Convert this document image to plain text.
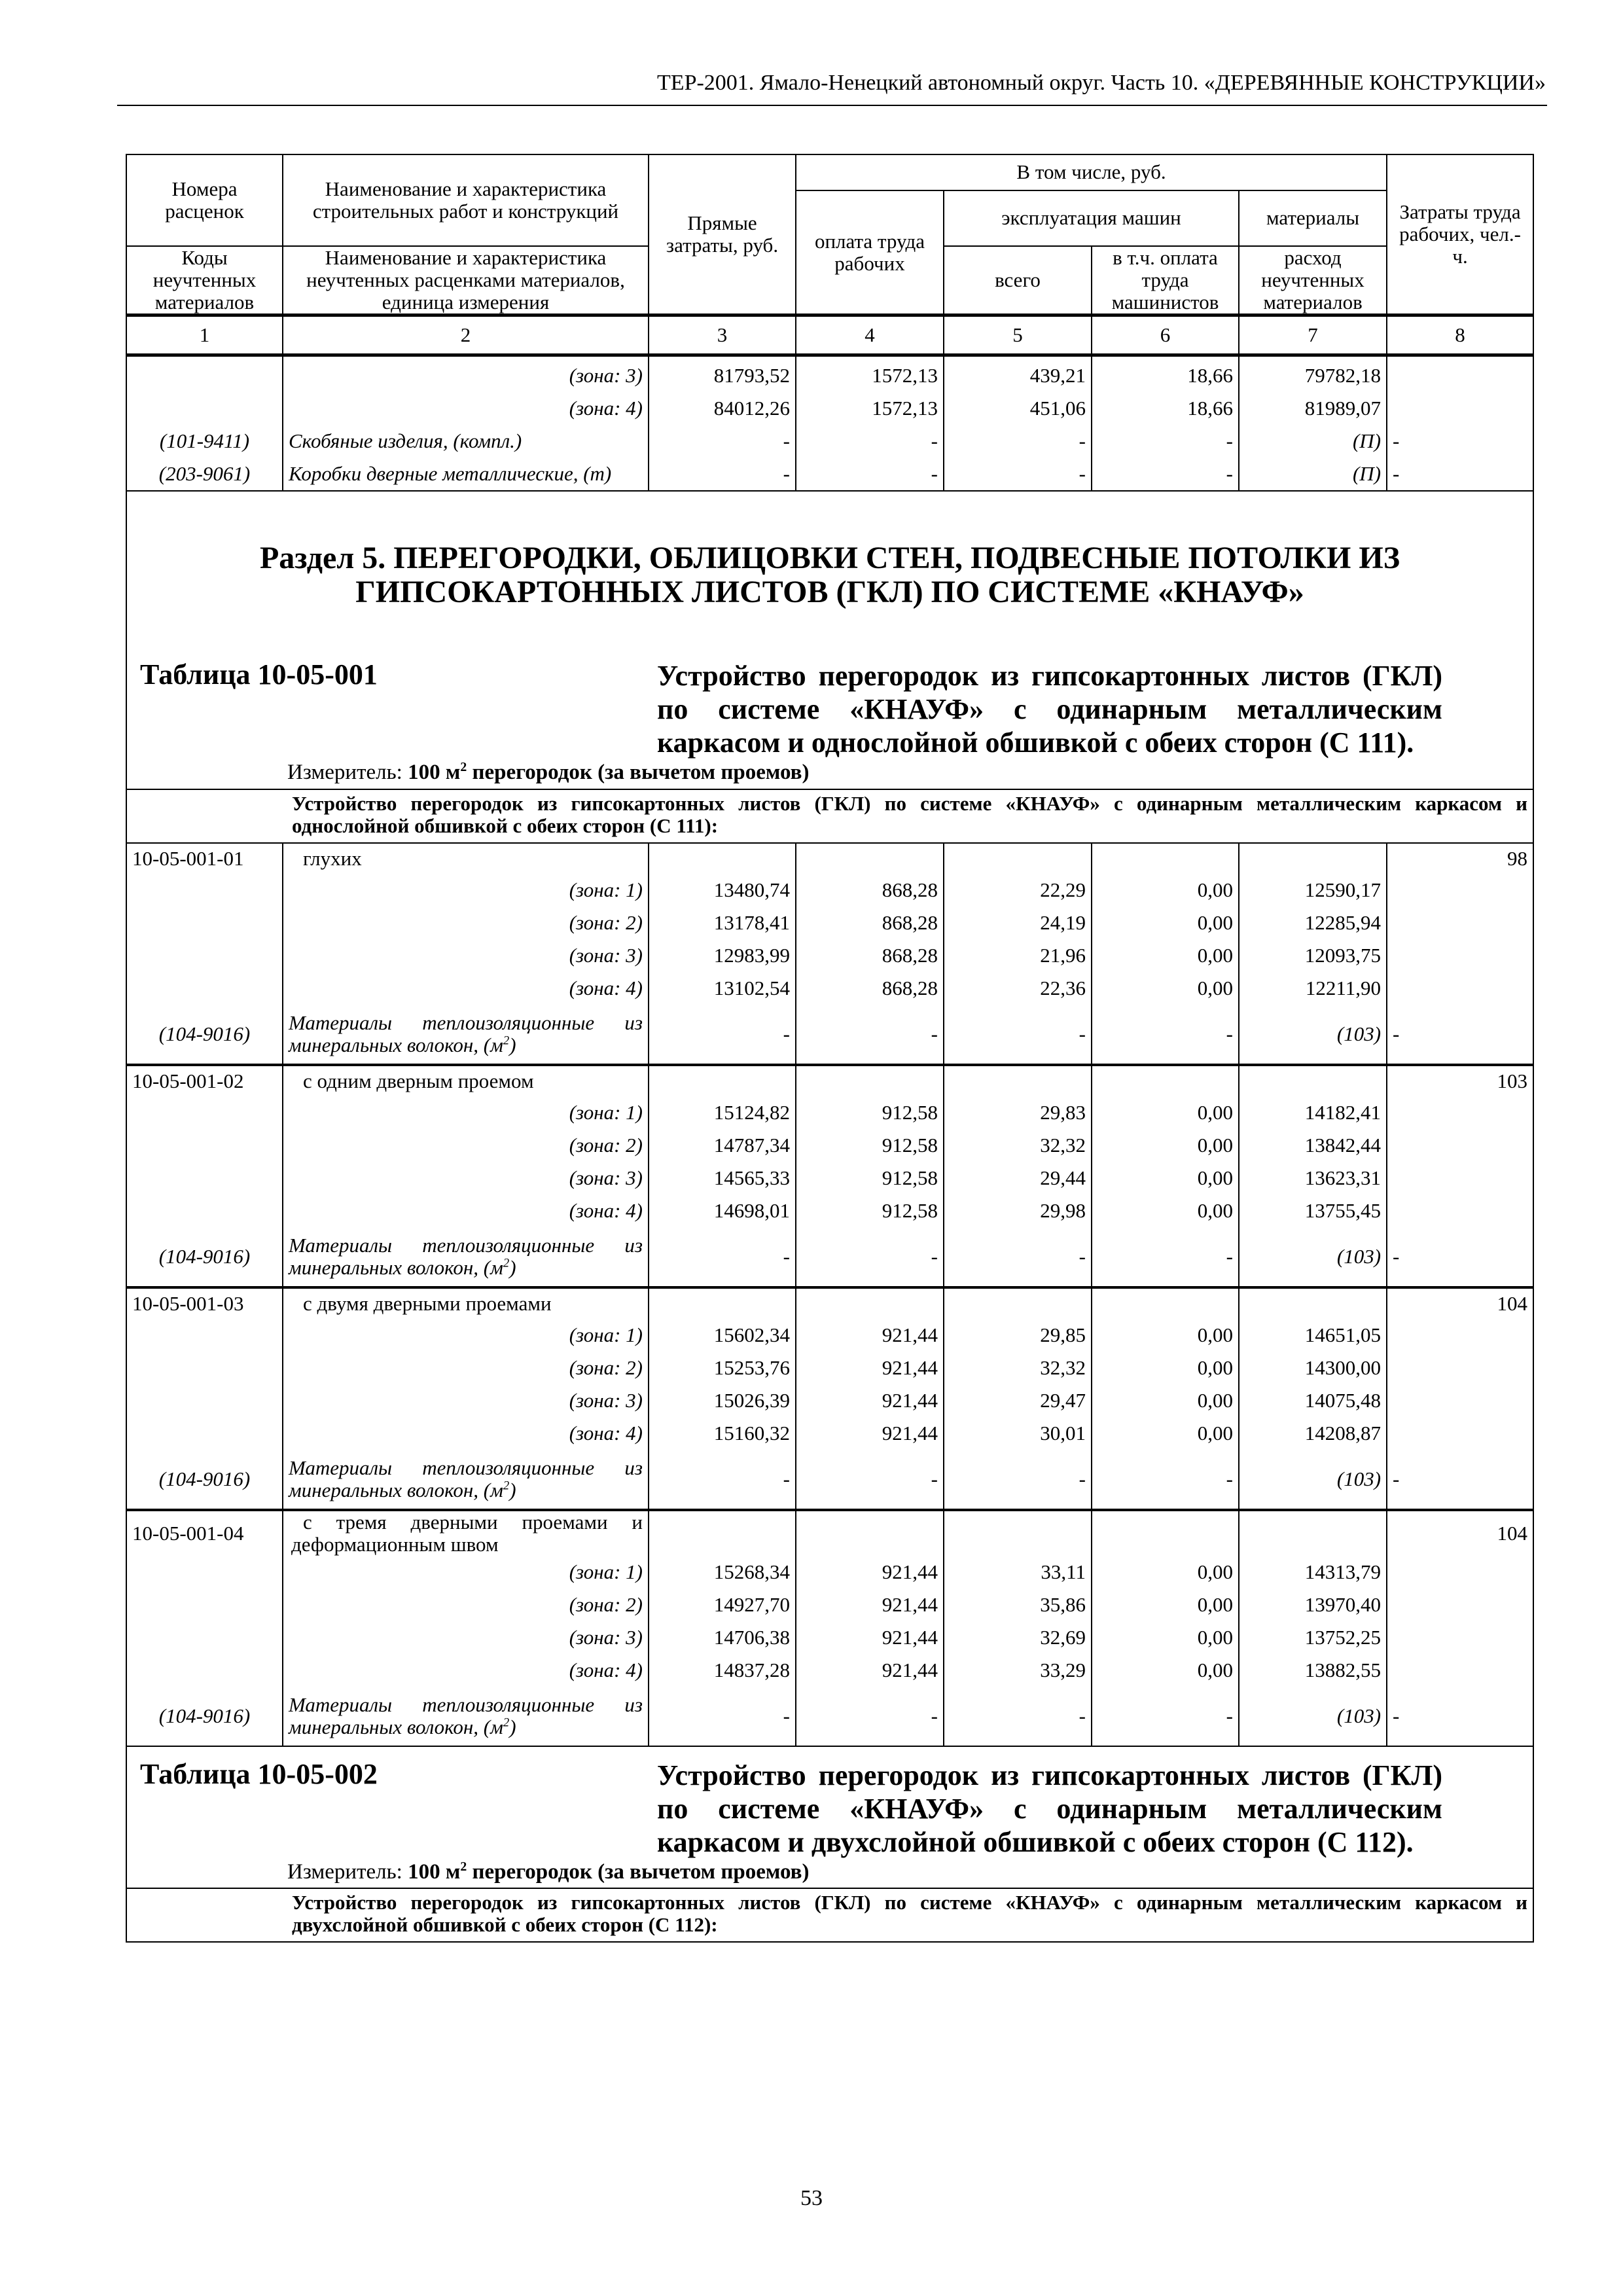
ТЕР-2001. Ямало-Ненецкий автономный округ. Часть 10. «ДЕРЕВЯННЫЕ КОНСТРУКЦИИ»
Номера расценок	Наименование и характеристика строительных работ и конструкций	Прямые затраты, руб.	В том числе, руб.				Затраты труда рабочих, чел.-ч.
			оплата труда рабочих	эксплуатация машин		материалы	
Коды неучтенных материалов	Наименование и характеристика неучтенных расценками материалов, единица измерения			всего	в т.ч. оплата труда машинистов	расход неучтенных материалов	
1	2	3	4	5	6	7	8
	(зона: 3)	81793,52	1572,13	439,21	18,66	79782,18	
	(зона: 4)	84012,26	1572,13	451,06	18,66	81989,07	
(101-9411)	Скобяные изделия, (компл.)	-	-	-	-	(П)	-
(203-9061)	Коробки дверные металлические, (т)	-	-	-	-	(П)	-

Раздел 5. ПЕРЕГОРОДКИ, ОБЛИЦОВКИ СТЕН, ПОДВЕСНЫЕ ПОТОЛКИ ИЗ ГИПСОКАРТОННЫХ ЛИСТОВ (ГКЛ) ПО СИСТЕМЕ «КНАУФ»
Таблица 10-05-001 Устройство перегородок из гипсокартонных листов (ГКЛ) по системе «КНАУФ» с одинарным металлическим каркасом и однослойной обшивкой с обеих сторон (С 111).
Измеритель: 100 $м^2$ перегородок (за вычетом проемов)							

Устройство перегородок из гипсокартонных листов (ГКЛ) по системе «КНАУФ» с одинарным металлическим каркасом и однослойной обшивкой с обеих сторон (С 111):							
10-05-001-01	глухих						98
	(зона: 1)	13480,74	868,28	22,29	0,00	12590,17	
	(зона: 2)	13178,41	868,28	24,19	0,00	12285,94	
	(зона: 3)	12983,99	868,28	21,96	0,00	12093,75	
	(зона: 4)	13102,54	868,28	22,36	0,00	12211,90	
(104-9016)	Материалы теплоизоляционные из минеральных волокон, $(м^2)$	-	-	-	-	(103)	-
10-05-001-02	с одним дверным проемом						103
	(зона: 1)	15124,82	912,58	29,83	0,00	14182,41	
	(зона: 2)	14787,34	912,58	32,32	0,00	13842,44	
	(зона: 3)	14565,33	912,58	29,44	0,00	13623,31	
	(зона: 4)	14698,01	912,58	29,98	0,00	13755,45	
(104-9016)	Материалы теплоизоляционные из минеральных волокон, $(м^2)$	-	-	-	-	(103)	-
10-05-001-03	с двумя дверными проемами						104
	(зона: 1)	15602,34	921,44	29,85	0,00	14651,05	
	(зона: 2)	15253,76	921,44	32,32	0,00	14300,00	
	(зона: 3)	15026,39	921,44	29,47	0,00	14075,48	
	(зона: 4)	15160,32	921,44	30,01	0,00	14208,87	
(104-9016)	Материалы теплоизоляционные из минеральных волокон, $(м^2)$	-	-	-	-	(103)	-
10-05-001-04	с тремя дверными проемами и деформационным швом						104
	(зона: 1)	15268,34	921,44	33,11	0,00	14313,79	
	(зона: 2)	14927,70	921,44	35,86	0,00	13970,40	
	(зона: 3)	14706,38	921,44	32,69	0,00	13752,25	
	(зона: 4)	14837,28	921,44	33,29	0,00	13882,55	
(104-9016)	Материалы теплоизоляционные из минеральных волокон, $(м^2)$	-	-	-	-	(103)	-

Таблица 10-05-002 Устройство перегородок из гипсокартонных листов (ГКЛ) по системе «КНАУФ» с одинарным металлическим каркасом и двухслойной обшивкой с обеих сторон (С 112).
Измеритель: 100 $м^2$ перегородок (за вычетом проемов)							

Устройство перегородок из гипсокартонных листов (ГКЛ) по системе «КНАУФ» с одинарным металлическим каркасом и двухслойной обшивкой с обеих сторон (С 112):							
53
